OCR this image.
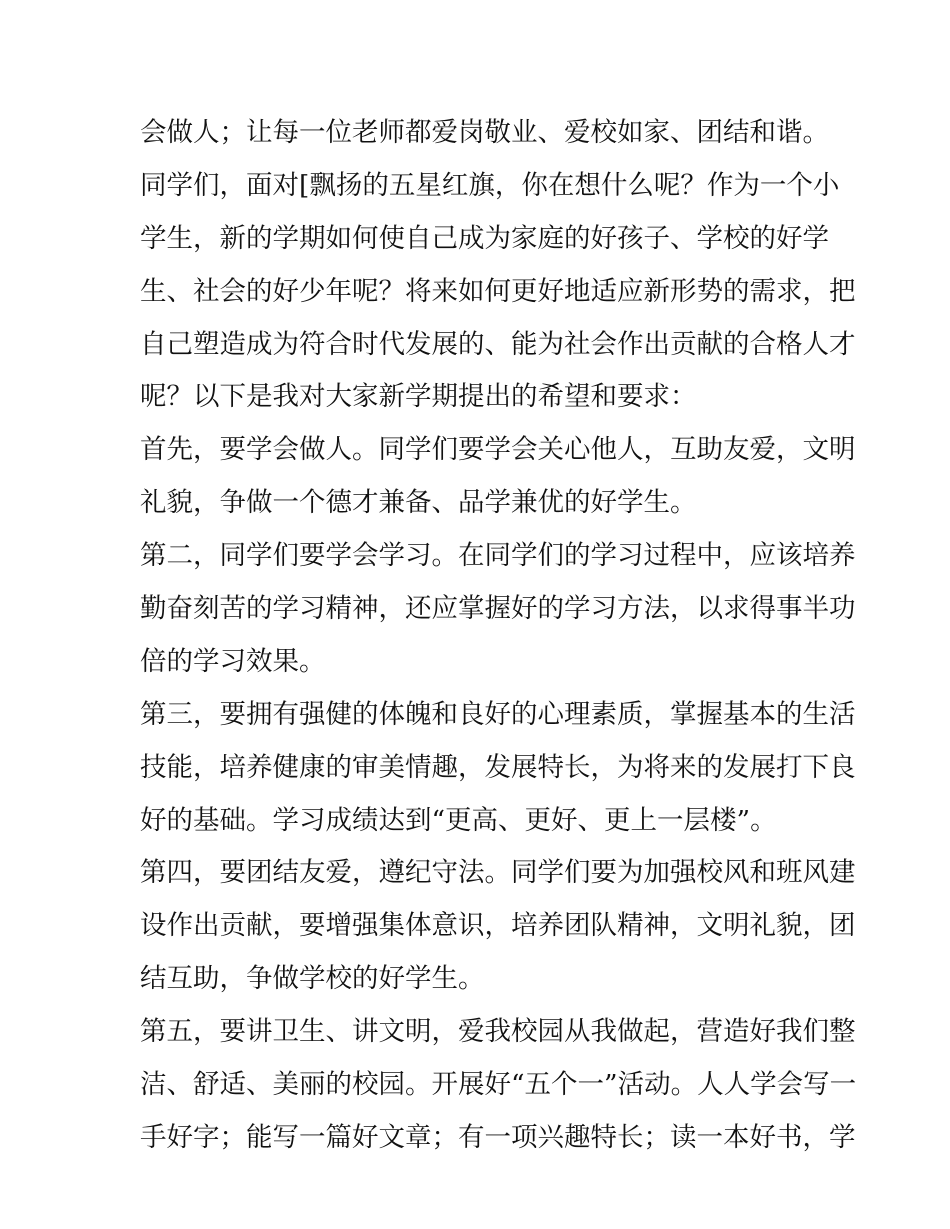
会做人；让每一位老师都爱岗敬业、爱校如家、团结和谐。
同学们，面对[飘扬的五星红旗，你在想什么呢？作为一个小
学生，新的学期如何使自己成为家庭的好孩子、学校的好学
生、社会的好少年呢？将来如何更好地适应新形势的需求，把
自己塑造成为符合时代发展的、能为社会作出贡献的合格人才
呢？以下是我对大家新学期提出的希望和要求：
首先，要学会做人。同学们要学会关心他人，互助友爱，文明
礼貌，争做一个德才兼备、品学兼优的好学生。
第二，同学们要学会学习。在同学们的学习过程中，应该培养
勤奋刻苦的学习精神，还应掌握好的学习方法，以求得事半功
倍的学习效果。
第三，要拥有强健的体魄和良好的心理素质，掌握基本的生活
技能，培养健康的审美情趣，发展特长，为将来的发展打下良
好的基础。学习成绩达到“更高、更好、更上一层楼”。
第四，要团结友爱，遵纪守法。同学们要为加强校风和班风建
设作出贡献，要增强集体意识，培养团队精神，文明礼貌，团
结互助，争做学校的好学生。
第五，要讲卫生、讲文明，爱我校园从我做起，营造好我们整
洁、舒适、美丽的校园。开展好“五个一”活动。人人学会写一
手好字；能写一篇好文章；有一项兴趣特长；读一本好书，学
